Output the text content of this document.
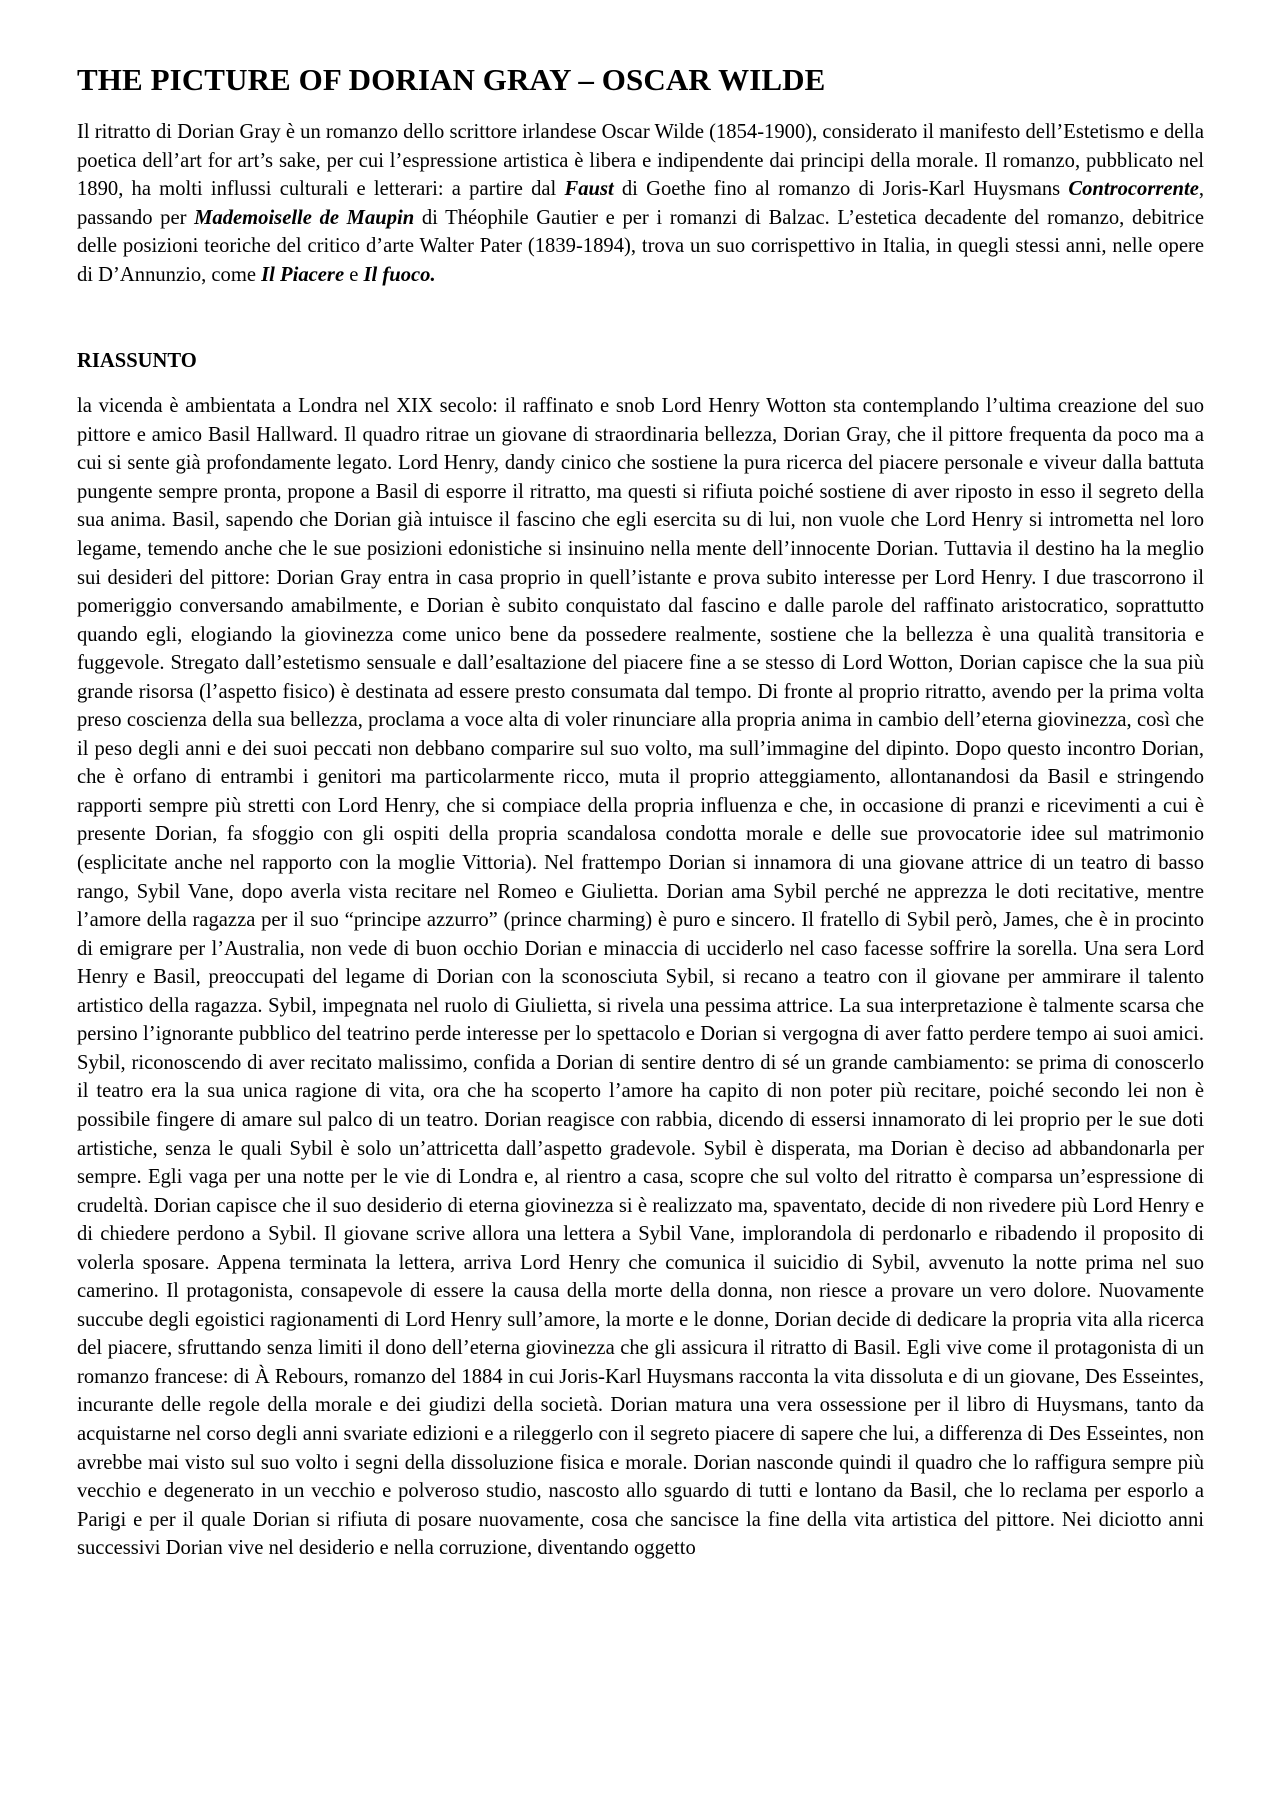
THE PICTURE OF DORIAN GRAY – OSCAR WILDE

Il ritratto di Dorian Gray è un romanzo dello scrittore irlandese Oscar Wilde (1854-1900), considerato il manifesto dell’Estetismo e della poetica dell’art for art’s sake, per cui l’espressione artistica è libera e indipendente dai principi della morale. Il romanzo, pubblicato nel 1890, ha molti influssi culturali e letterari: a partire dal Faust di Goethe fino al romanzo di Joris-Karl Huysmans Controcorrente, passando per Mademoiselle de Maupin di Théophile Gautier e per i romanzi di Balzac. L’estetica decadente del romanzo, debitrice delle posizioni teoriche del critico d’arte Walter Pater (1839-1894), trova un suo corrispettivo in Italia, in quegli stessi anni, nelle opere di D’Annunzio, come Il Piacere e Il fuoco.

RIASSUNTO

la vicenda è ambientata a Londra nel XIX secolo: il raffinato e snob Lord Henry Wotton sta contemplando l’ultima creazione del suo pittore e amico Basil Hallward. Il quadro ritrae un giovane di straordinaria bellezza, Dorian Gray, che il pittore frequenta da poco ma a cui si sente già profondamente legato. Lord Henry, dandy cinico che sostiene la pura ricerca del piacere personale e viveur dalla battuta pungente sempre pronta, propone a Basil di esporre il ritratto, ma questi si rifiuta poiché sostiene di aver riposto in esso il segreto della sua anima. Basil, sapendo che Dorian già intuisce il fascino che egli esercita su di lui, non vuole che Lord Henry si intrometta nel loro legame, temendo anche che le sue posizioni edonistiche si insinuino nella mente dell’innocente Dorian. Tuttavia il destino ha la meglio sui desideri del pittore: Dorian Gray entra in casa proprio in quell’istante e prova subito interesse per Lord Henry. I due trascorrono il pomeriggio conversando amabilmente, e Dorian è subito conquistato dal fascino e dalle parole del raffinato aristocratico, soprattutto quando egli, elogiando la giovinezza come unico bene da possedere realmente, sostiene che la bellezza è una qualità transitoria e fuggevole. Stregato dall’estetismo sensuale e dall’esaltazione del piacere fine a se stesso di Lord Wotton, Dorian capisce che la sua più grande risorsa (l’aspetto fisico) è destinata ad essere presto consumata dal tempo. Di fronte al proprio ritratto, avendo per la prima volta preso coscienza della sua bellezza, proclama a voce alta di voler rinunciare alla propria anima in cambio dell’eterna giovinezza, così che il peso degli anni e dei suoi peccati non debbano comparire sul suo volto, ma sull’immagine del dipinto. Dopo questo incontro Dorian, che è orfano di entrambi i genitori ma particolarmente ricco, muta il proprio atteggiamento, allontanandosi da Basil e stringendo rapporti sempre più stretti con Lord Henry, che si compiace della propria influenza e che, in occasione di pranzi e ricevimenti a cui è presente Dorian, fa sfoggio con gli ospiti della propria scandalosa condotta morale e delle sue provocatorie idee sul matrimonio (esplicitate anche nel rapporto con la moglie Vittoria). Nel frattempo Dorian si innamora di una giovane attrice di un teatro di basso rango, Sybil Vane, dopo averla vista recitare nel Romeo e Giulietta. Dorian ama Sybil perché ne apprezza le doti recitative, mentre l’amore della ragazza per il suo “principe azzurro” (prince charming) è puro e sincero. Il fratello di Sybil però, James, che è in procinto di emigrare per l’Australia, non vede di buon occhio Dorian e minaccia di ucciderlo nel caso facesse soffrire la sorella. Una sera Lord Henry e Basil, preoccupati del legame di Dorian con la sconosciuta Sybil, si recano a teatro con il giovane per ammirare il talento artistico della ragazza. Sybil, impegnata nel ruolo di Giulietta, si rivela una pessima attrice. La sua interpretazione è talmente scarsa che persino l’ignorante pubblico del teatrino perde interesse per lo spettacolo e Dorian si vergogna di aver fatto perdere tempo ai suoi amici. Sybil, riconoscendo di aver recitato malissimo, confida a Dorian di sentire dentro di sé un grande cambiamento: se prima di conoscerlo il teatro era la sua unica ragione di vita, ora che ha scoperto l’amore ha capito di non poter più recitare, poiché secondo lei non è possibile fingere di amare sul palco di un teatro. Dorian reagisce con rabbia, dicendo di essersi innamorato di lei proprio per le sue doti artistiche, senza le quali Sybil è solo un’attricetta dall’aspetto gradevole. Sybil è disperata, ma Dorian è deciso ad abbandonarla per sempre. Egli vaga per una notte per le vie di Londra e, al rientro a casa, scopre che sul volto del ritratto è comparsa un’espressione di crudeltà. Dorian capisce che il suo desiderio di eterna giovinezza si è realizzato ma, spaventato, decide di non rivedere più Lord Henry e di chiedere perdono a Sybil. Il giovane scrive allora una lettera a Sybil Vane, implorandola di perdonarlo e ribadendo il proposito di volerla sposare. Appena terminata la lettera, arriva Lord Henry che comunica il suicidio di Sybil, avvenuto la notte prima nel suo camerino. Il protagonista, consapevole di essere la causa della morte della donna, non riesce a provare un vero dolore. Nuovamente succube degli egoistici ragionamenti di Lord Henry sull’amore, la morte e le donne, Dorian decide di dedicare la propria vita alla ricerca del piacere, sfruttando senza limiti il dono dell’eterna giovinezza che gli assicura il ritratto di Basil. Egli vive come il protagonista di un romanzo francese: di À Rebours, romanzo del 1884 in cui Joris-Karl Huysmans racconta la vita dissoluta e di un giovane, Des Esseintes, incurante delle regole della morale e dei giudizi della società. Dorian matura una vera ossessione per il libro di Huysmans, tanto da acquistarne nel corso degli anni svariate edizioni e a rileggerlo con il segreto piacere di sapere che lui, a differenza di Des Esseintes, non avrebbe mai visto sul suo volto i segni della dissoluzione fisica e morale. Dorian nasconde quindi il quadro che lo raffigura sempre più vecchio e degenerato in un vecchio e polveroso studio, nascosto allo sguardo di tutti e lontano da Basil, che lo reclama per esporlo a Parigi e per il quale Dorian si rifiuta di posare nuovamente, cosa che sancisce la fine della vita artistica del pittore. Nei diciotto anni successivi Dorian vive nel desiderio e nella corruzione, diventando oggetto
